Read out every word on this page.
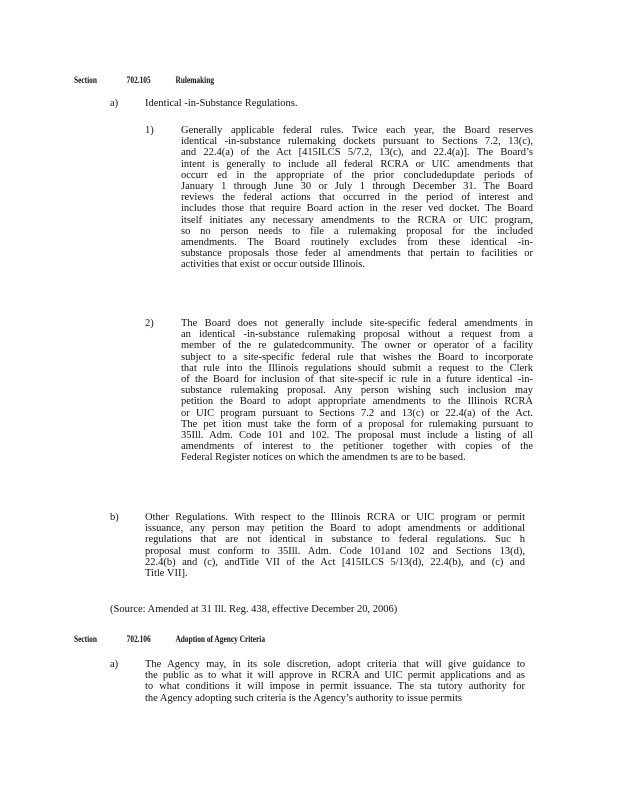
Section	702.105	Rulemaking
a)	Identical -in-Substance Regulations.
1)	Generally applicable federal rules. Twice each year, the Board reserves
identical -in-substance rulemaking dockets pursuant to Sections 7.2, 13(c),
and 22.4(a) of the Act [415ILCS 5/7.2, 13(c), and 22.4(a)]. The Board’s
intent is generally to include all federal RCRA or UIC amendments that
occurr ed in the appropriate of the prior concludedupdate periods of
January 1 through June 30 or July 1 through December 31. The Board
reviews the federal actions that occurred in the period of interest and
includes those that require Board action in the reser ved docket. The Board
itself initiates any necessary amendments to the RCRA or UIC program,
so no person needs to file a rulemaking proposal for the included
amendments. The Board routinely excludes from these identical -in-
substance proposals those feder al amendments that pertain to facilities or
activities that exist or occur outside Illinois.
2)	The Board does not generally include site-specific federal amendments in
an identical -in-substance rulemaking proposal without a request from a
member of the re gulatedcommunity. The owner or operator of a facility
subject to a site-specific federal rule that wishes the Board to incorporate
that rule into the Illinois regulations should submit a request to the Clerk
of the Board for inclusion of that site-specif ic rule in a future identical -in-
substance rulemaking proposal. Any person wishing such inclusion may
petition the Board to adopt appropriate amendments to the Illinois RCRA
or UIC program pursuant to Sections 7.2 and 13(c) or 22.4(a) of the Act.
The pet ition must take the form of a proposal for rulemaking pursuant to
35Ill. Adm. Code 101 and 102. The proposal must include a listing of all
amendments of interest to the petitioner together with copies of the
Federal Register notices on which the amendmen ts are to be based.
b)	Other Regulations. With respect to the Illinois RCRA or UIC program or permit
issuance, any person may petition the Board to adopt amendments or additional
regulations that are not identical in substance to federal regulations. Suc h
proposal must conform to 35Ill. Adm. Code 101and 102 and Sections 13(d),
22.4(b) and (c), andTitle VII of the Act [415ILCS 5/13(d), 22.4(b), and (c) and
Title VII].
(Source: Amended at 31 Ill. Reg. 438, effective December 20, 2006)
Section	702.106	Adoption of Agency Criteria
a)	The Agency may, in its sole discretion, adopt criteria that will give guidance to
the public as to what it will approve in RCRA and UIC permit applications and as
to what conditions it will impose in permit issuance. The sta tutory authority for
the Agency adopting such criteria is the Agency’s authority to issue permits
